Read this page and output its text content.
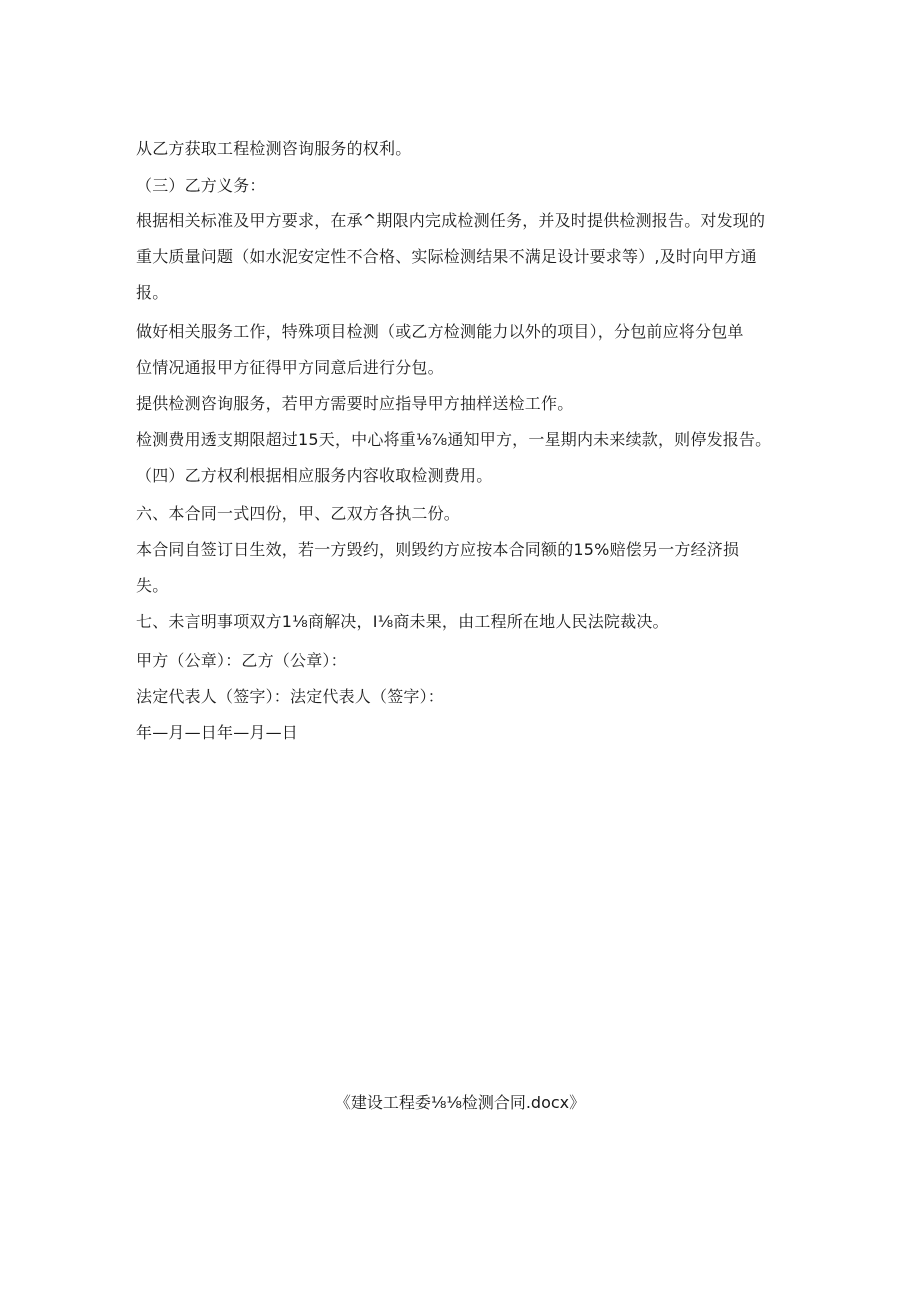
从乙方获取工程检测咨询服务的权利。
（三）乙方义务：
根据相关标准及甲方要求，在承^期限内完成检测任务，并及时提供检测报告。对发现的
重大质量问题（如水泥安定性不合格、实际检测结果不满足设计要求等）,及时向甲方通
报。
做好相关服务工作，特殊项目检测（或乙方检测能力以外的项目），分包前应将分包单
位情况通报甲方征得甲方同意后进行分包。
提供检测咨询服务，若甲方需要时应指导甲方抽样送检工作。
检测费用透支期限超过15天，中心将重⅛⅞通知甲方，一星期内未来续款，则停发报告。
（四）乙方权利根据相应服务内容收取检测费用。
六、本合同一式四份，甲、乙双方各执二份。
本合同自签订日生效，若一方毁约，则毁约方应按本合同额的15%赔偿另一方经济损
失。
七、未言明事项双方1⅛商解决，I⅛商未果，由工程所在地人民法院裁决。
甲方（公章）：乙方（公章）：
法定代表人（签字）：法定代表人（签字）：
年—月—日年—月—日
《建设工程委⅛⅛检测合同.docx》
